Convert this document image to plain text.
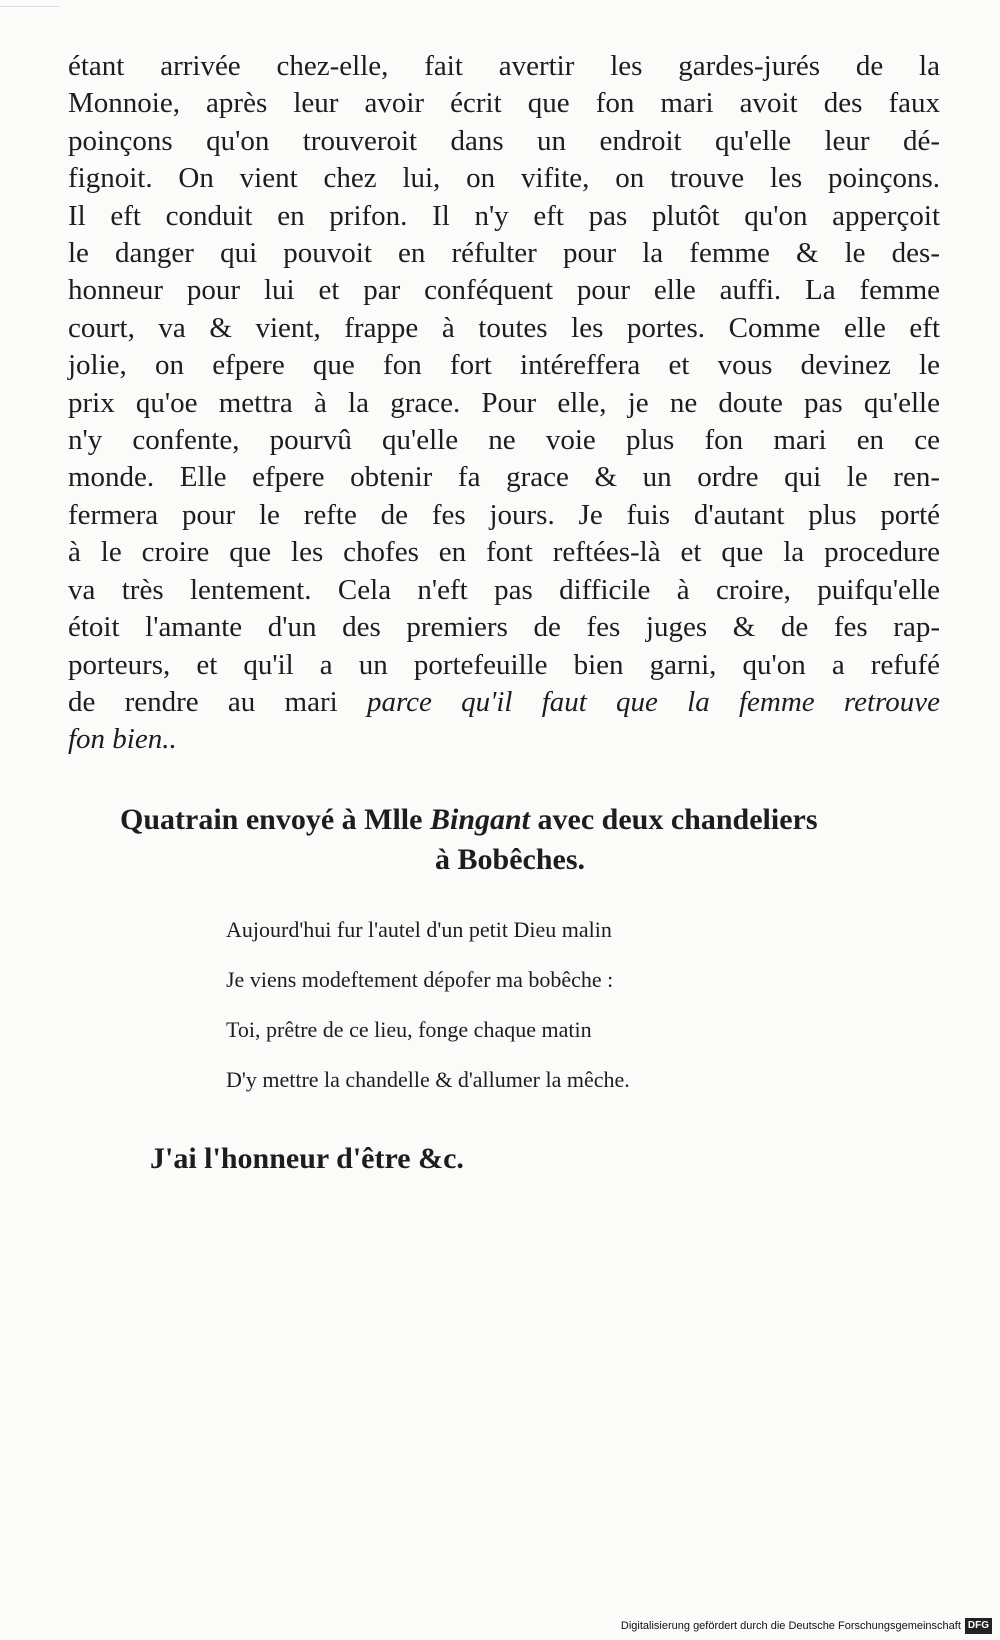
étant arrivée chez-elle, fait avertir les gardes-jurés de la
Monnoie, après leur avoir écrit que fon mari avoit des faux
poinçons qu'on trouveroit dans un endroit qu'elle leur dé-
fignoit. On vient chez lui, on vifite, on trouve les poinçons.
Il eft conduit en prifon. Il n'y eft pas plutôt qu'on apperçoit
le danger qui pouvoit en réfulter pour la femme & le des-
honneur pour lui et par conféquent pour elle auffi. La femme
court, va & vient, frappe à toutes les portes. Comme elle eft
jolie, on efpere que fon fort intéreffera et vous devinez le
prix qu'oe mettra à la grace. Pour elle, je ne doute pas qu'elle
n'y confente, pourvû qu'elle ne voie plus fon mari en ce
monde. Elle efpere obtenir fa grace & un ordre qui le ren-
fermera pour le refte de fes jours. Je fuis d'autant plus porté
à le croire que les chofes en font reftées-là et que la procedure
va très lentement. Cela n'eft pas difficile à croire, puifqu'elle
étoit l'amante d'un des premiers de fes juges & de fes rap-
porteurs, et qu'il a un portefeuille bien garni, qu'on a refufé
de rendre au mari parce qu'il faut que la femme retrouve
fon bien..
Quatrain envoyé à Mlle Bingant avec deux chandeliers
à Bobêches.
Aujourd'hui fur l'autel d'un petit Dieu malin
Je viens modeftement dépofer ma bobêche :
Toi, prêtre de ce lieu, fonge chaque matin
D'y mettre la chandelle & d'allumer la mêche.
J'ai l'honneur d'être &c.
Digitalisierung gefördert durch die Deutsche Forschungsgemeinschaft DFG
